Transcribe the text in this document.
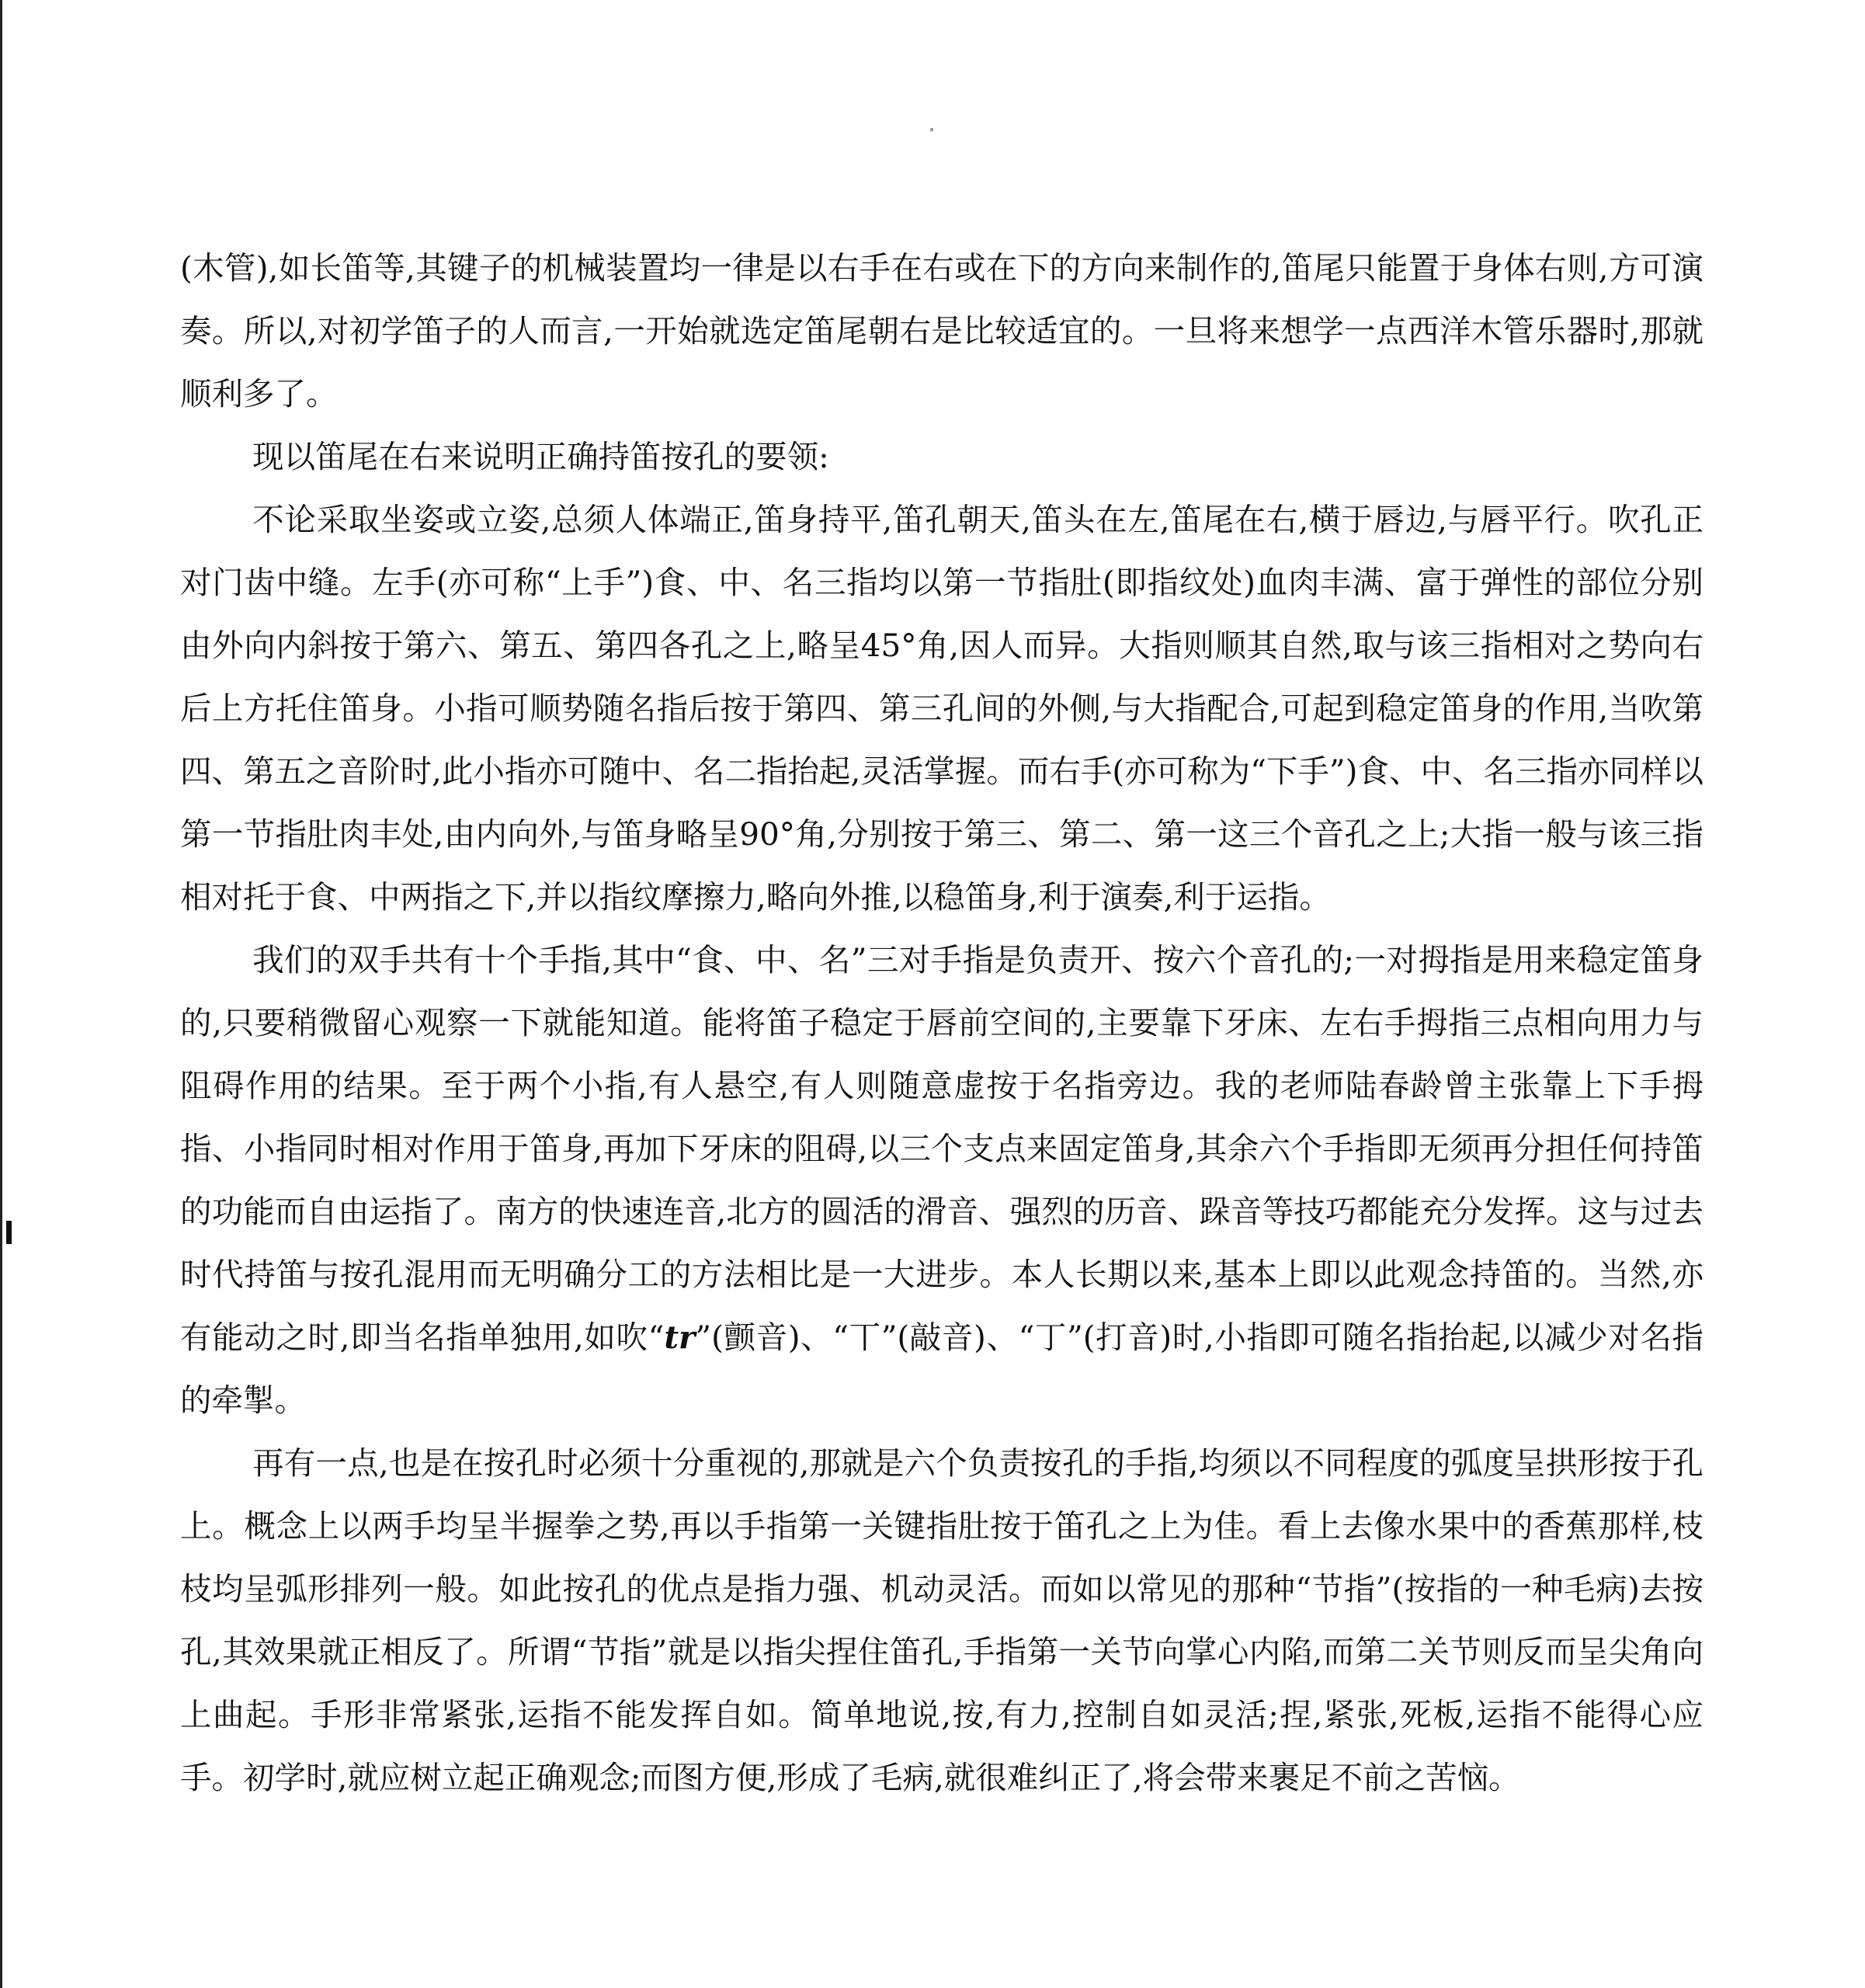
(木管),如长笛等,其键子的机械装置均一律是以右手在右或在下的方向来制作的,笛尾只能置于身体右则,方可演奏。所以,对初学笛子的人而言,一开始就选定笛尾朝右是比较适宜的。一旦将来想学一点西洋木管乐器时,那就顺利多了。

现以笛尾在右来说明正确持笛按孔的要领:

不论采取坐姿或立姿,总须人体端正,笛身持平,笛孔朝天,笛头在左,笛尾在右,横于唇边,与唇平行。吹孔正对门齿中缝。左手(亦可称“上手”)食、中、名三指均以第一节指肚(即指纹处)血肉丰满、富于弹性的部位分别由外向内斜按于第六、第五、第四各孔之上,略呈45°角,因人而异。大指则顺其自然,取与该三指相对之势向右后上方托住笛身。小指可顺势随名指后按于第四、第三孔间的外侧,与大指配合,可起到稳定笛身的作用,当吹第四、第五之音阶时,此小指亦可随中、名二指抬起,灵活掌握。而右手(亦可称为“下手”)食、中、名三指亦同样以第一节指肚肉丰处,由内向外,与笛身略呈90°角,分别按于第三、第二、第一这三个音孔之上;大指一般与该三指相对托于食、中两指之下,并以指纹摩擦力,略向外推,以稳笛身,利于演奏,利于运指。

我们的双手共有十个手指,其中“食、中、名”三对手指是负责开、按六个音孔的;一对拇指是用来稳定笛身的,只要稍微留心观察一下就能知道。能将笛子稳定于唇前空间的,主要靠下牙床、左右手拇指三点相向用力与阻碍作用的结果。至于两个小指,有人悬空,有人则随意虚按于名指旁边。我的老师陆春龄曾主张靠上下手拇指、小指同时相对作用于笛身,再加下牙床的阻碍,以三个支点来固定笛身,其余六个手指即无须再分担任何持笛的功能而自由运指了。南方的快速连音,北方的圆活的滑音、强烈的历音、跺音等技巧都能充分发挥。这与过去时代持笛与按孔混用而无明确分工的方法相比是一大进步。本人长期以来,基本上即以此观念持笛的。当然,亦有能动之时,即当名指单独用,如吹“tr”(颤音)、“丅”(敲音)、“丁”(打音)时,小指即可随名指抬起,以减少对名指的牵掣。

再有一点,也是在按孔时必须十分重视的,那就是六个负责按孔的手指,均须以不同程度的弧度呈拱形按于孔上。概念上以两手均呈半握拳之势,再以手指第一关键指肚按于笛孔之上为佳。看上去像水果中的香蕉那样,枝枝均呈弧形排列一般。如此按孔的优点是指力强、机动灵活。而如以常见的那种“节指”(按指的一种毛病)去按孔,其效果就正相反了。所谓“节指”就是以指尖捏住笛孔,手指第一关节向掌心内陷,而第二关节则反而呈尖角向上曲起。手形非常紧张,运指不能发挥自如。简单地说,按,有力,控制自如灵活;捏,紧张,死板,运指不能得心应手。初学时,就应树立起正确观念;而图方便,形成了毛病,就很难纠正了,将会带来裹足不前之苦恼。
